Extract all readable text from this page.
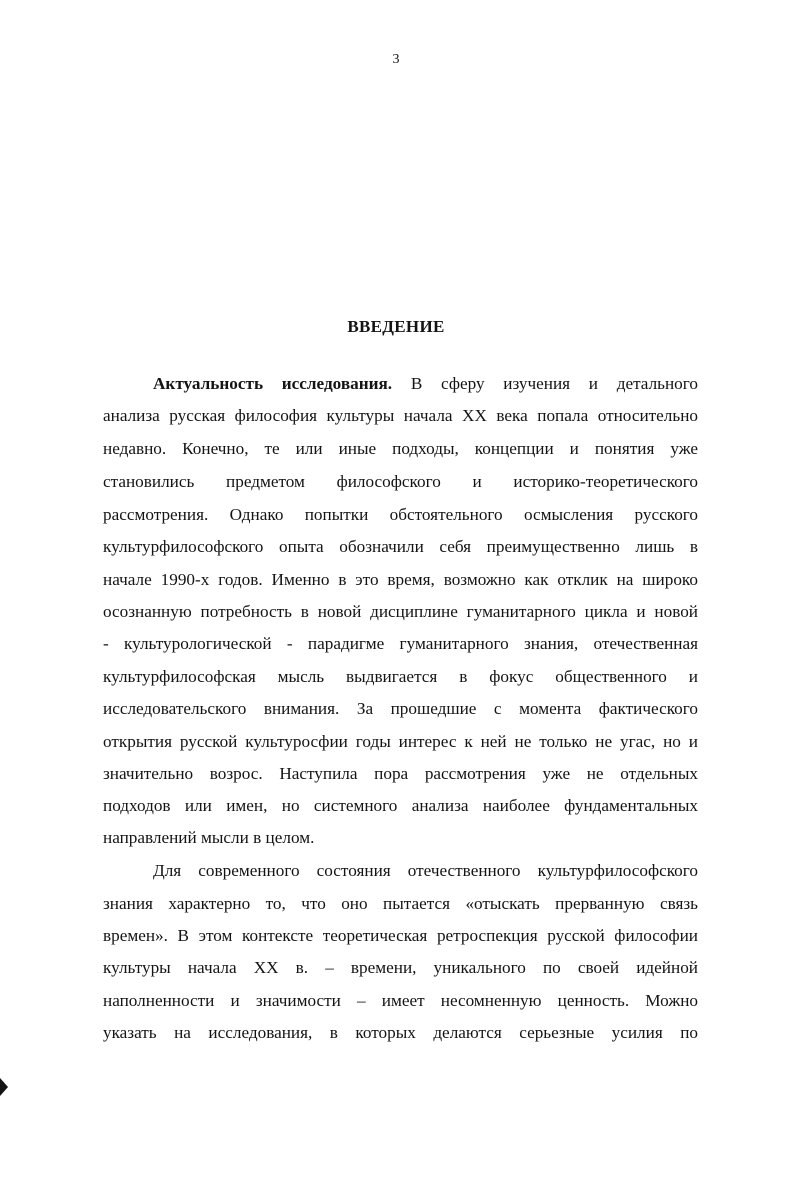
3
ВВЕДЕНИЕ
Актуальность исследования. В сферу изучения и детального
анализа русская философия культуры начала XX века попала относительно
недавно. Конечно, те или иные подходы, концепции и понятия уже
становились предметом философского и историко-теоретического
рассмотрения. Однако попытки обстоятельного осмысления русского
культурфилософского опыта обозначили себя преимущественно лишь в
начале 1990-х годов. Именно в это время, возможно как отклик на широко
осознанную потребность в новой дисциплине гуманитарного цикла и новой
- культурологической - парадигме гуманитарного знания, отечественная
культурфилософская мысль выдвигается в фокус общественного и
исследовательского внимания. За прошедшие с момента фактического
открытия русской культуросфии годы интерес к ней не только не угас, но и
значительно возрос. Наступила пора рассмотрения уже не отдельных
подходов или имен, но системного анализа наиболее фундаментальных
направлений мысли в целом.
Для современного состояния отечественного культурфилософского
знания характерно то, что оно пытается «отыскать прерванную связь
времен». В этом контексте теоретическая ретроспекция русской философии
культуры начала XX в. – времени, уникального по своей идейной
наполненности и значимости – имеет несомненную ценность. Можно
указать на исследования, в которых делаются серьезные усилия по
